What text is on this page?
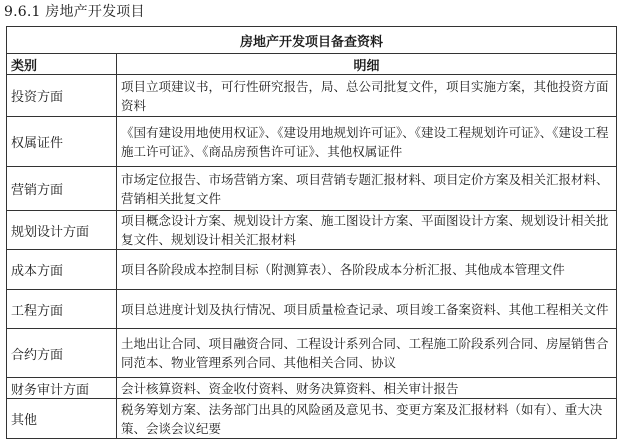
9.6.1 房地产开发项目
房地产开发项目备查资料	
类别	明细
投资方面	项目立项建议书，可行性研究报告，局、总公司批复文件，项目实施方案，其他投资方面资料
权属证件	《国有建设用地使用权证》、《建设用地规划许可证》、《建设工程规划许可证》、《建设工程施工许可证》、《商品房预售许可证》、其他权属证件
营销方面	市场定位报告、市场营销方案、项目营销专题汇报材料、项目定价方案及相关汇报材料、营销相关批复文件
规划设计方面	项目概念设计方案、规划设计方案、施工图设计方案、平面图设计方案、规划设计相关批复文件、规划设计相关汇报材料
成本方面	项目各阶段成本控制目标（附测算表）、各阶段成本分析汇报、其他成本管理文件
工程方面	项目总进度计划及执行情况、项目质量检查记录、项目竣工备案资料、其他工程相关文件
合约方面	土地出让合同、项目融资合同、工程设计系列合同、工程施工阶段系列合同、房屋销售合同范本、物业管理系列合同、其他相关合同、协议
财务审计方面	会计核算资料、资金收付资料、财务决算资料、相关审计报告
其他	税务筹划方案、法务部门出具的风险函及意见书、变更方案及汇报材料（如有）、重大决策、会谈会议纪要
